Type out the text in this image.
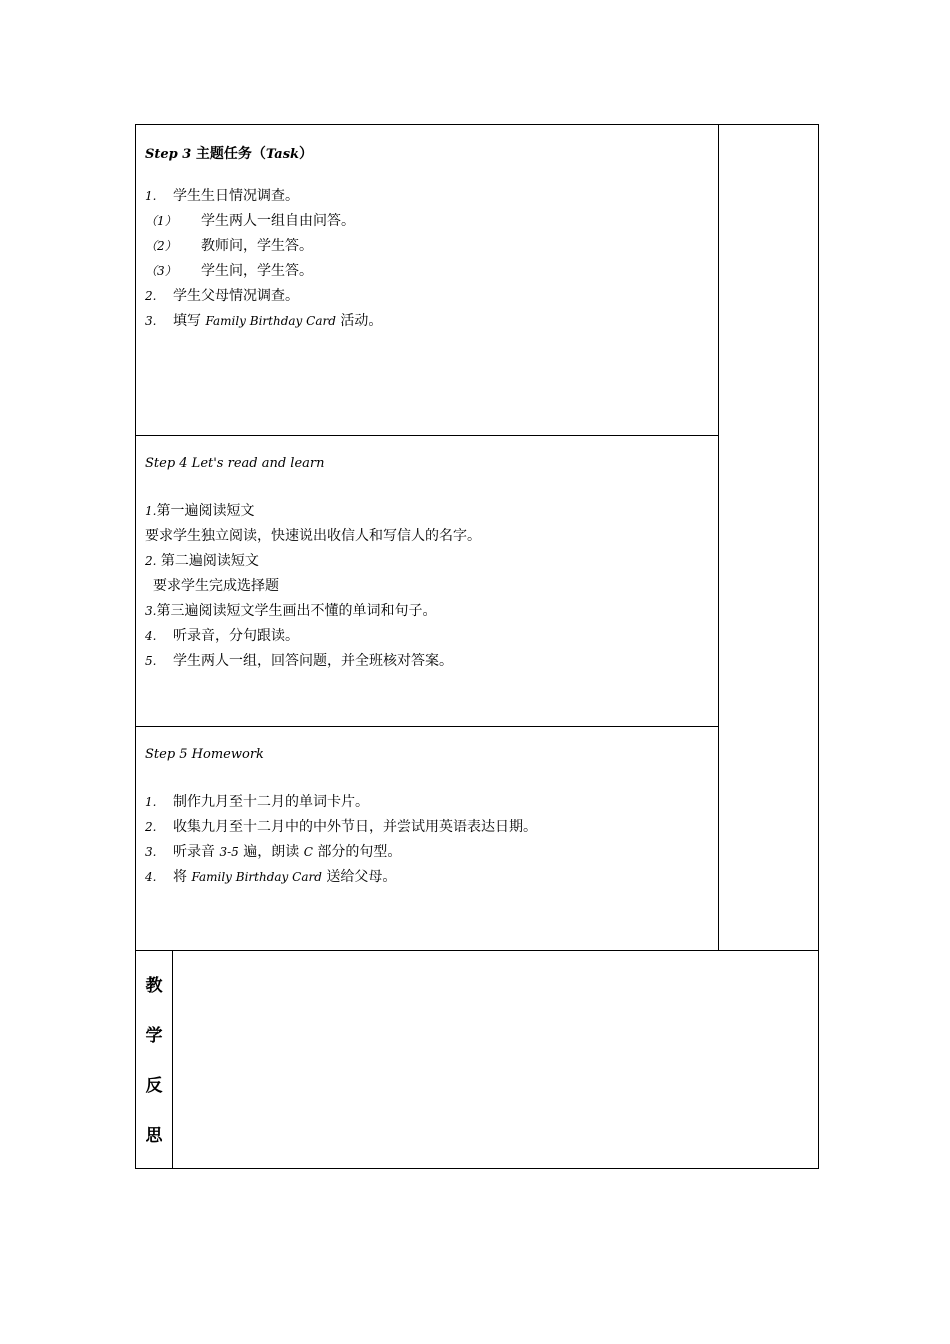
Step 3 主题任务（Task）

1. 学生生日情况调查。
（1） 学生两人一组自由问答。
（2） 教师问，学生答。
（3） 学生问，学生答。
2. 学生父母情况调查。
3. 填写 Family Birthday Card 活动。

Step 4 Let's read and learn

1.第一遍阅读短文
要求学生独立阅读，快速说出收信人和写信人的名字。
2. 第二遍阅读短文
要求学生完成选择题
3.第三遍阅读短文学生画出不懂的单词和句子。
4. 听录音，分句跟读。
5. 学生两人一组，回答问题，并全班核对答案。

Step 5 Homework

1. 制作九月至十二月的单词卡片。
2. 收集九月至十二月中的中外节日，并尝试用英语表达日期。
3. 听录音 3-5 遍，朗读 C 部分的句型。
4. 将 Family Birthday Card 送给父母。
教
学
反
思
